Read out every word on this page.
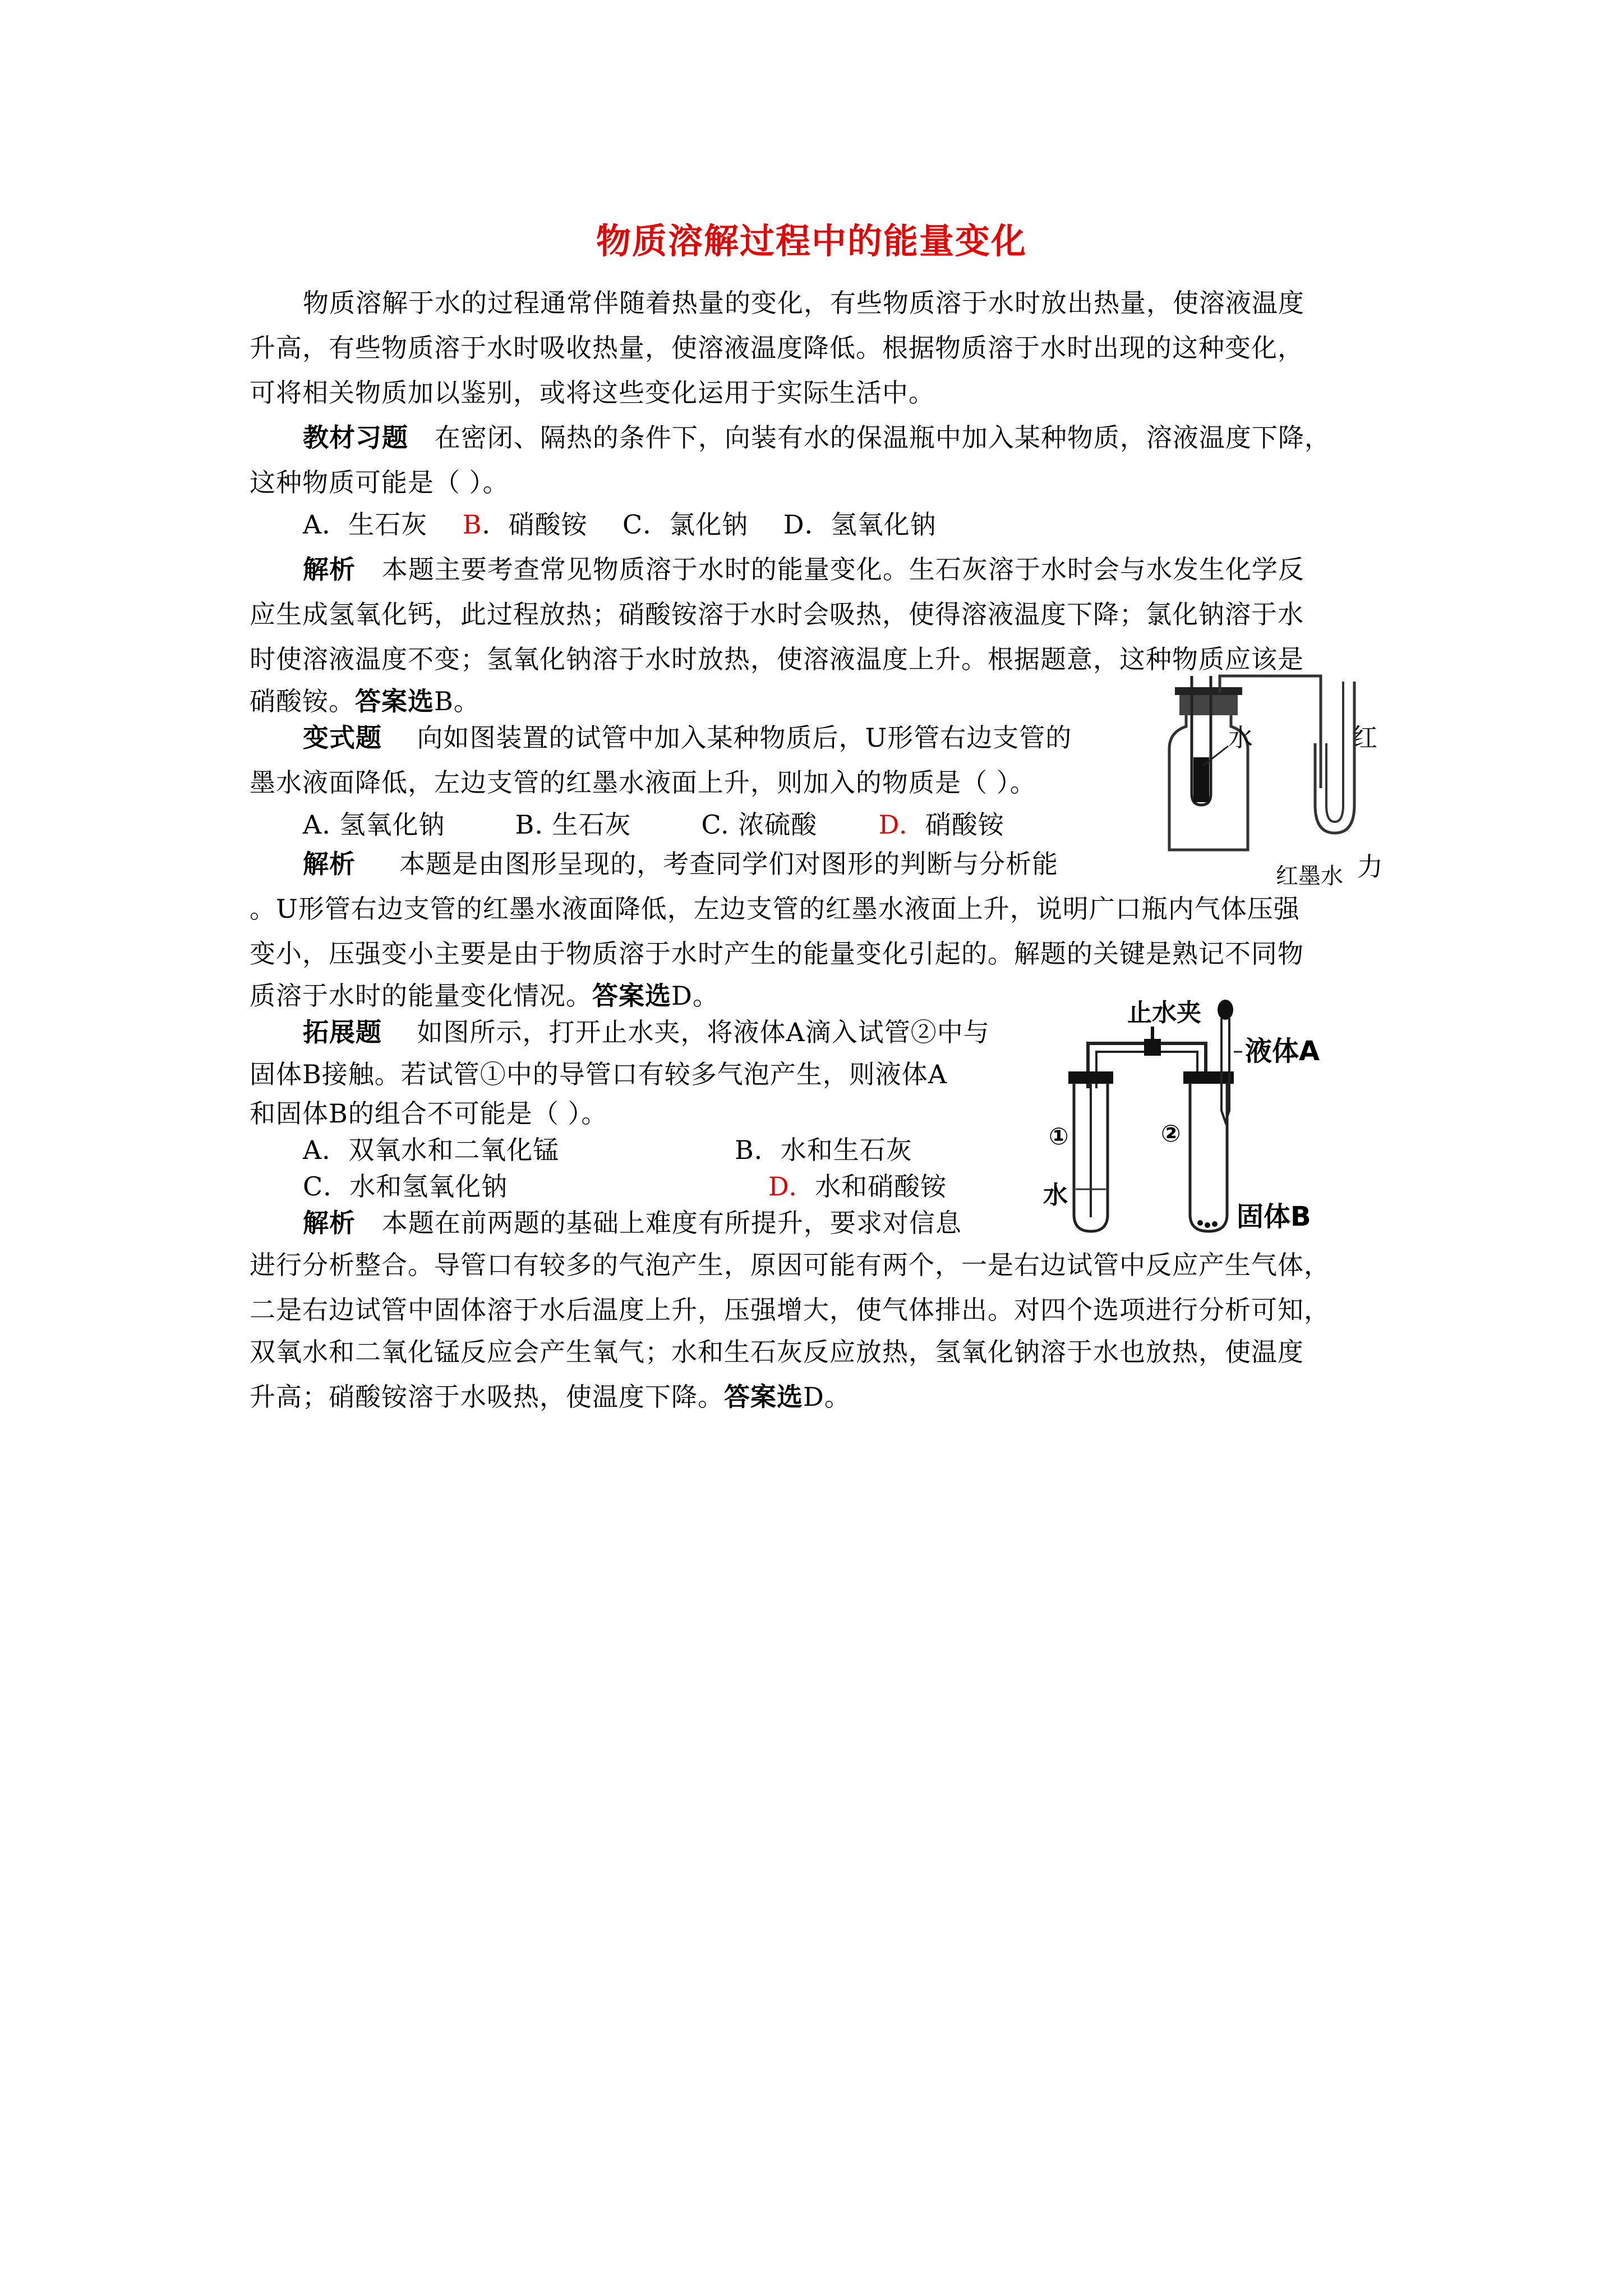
物质溶解过程中的能量变化
物质溶解于水的过程通常伴随着热量的变化，有些物质溶于水时放出热量，使溶液温度
升高，有些物质溶于水时吸收热量，使溶液温度降低。根据物质溶于水时出现的这种变化，
可将相关物质加以鉴别，或将这些变化运用于实际生活中。
教材习题 在密闭、隔热的条件下，向装有水的保温瓶中加入某种物质，溶液温度下降，
这种物质可能是（ ）。
A．生石灰 B．硝酸铵 C．氯化钠 D．氢氧化钠
解析 本题主要考查常见物质溶于水时的能量变化。生石灰溶于水时会与水发生化学反
应生成氢氧化钙，此过程放热；硝酸铵溶于水时会吸热，使得溶液温度下降；氯化钠溶于水
时使溶液温度不变；氢氧化钠溶于水时放热，使溶液温度上升。根据题意，这种物质应该是
硝酸铵。答案选B。
变式题 向如图装置的试管中加入某种物质后，U形管右边支管的	红
墨水液面降低，左边支管的红墨水液面上升，则加入的物质是（ ）。
A. 氢氧化钠	B. 生石灰	C. 浓硫酸 D. 硝酸铵
解析 本题是由图形呈现的，考查同学们对图形的判断与分析能	力
。U形管右边支管的红墨水液面降低，左边支管的红墨水液面上升，说明广口瓶内气体压强
变小，压强变小主要是由于物质溶于水时产生的能量变化引起的。解题的关键是熟记不同物
质溶于水时的能量变化情况。答案选D。
水
红墨水
拓展题 如图所示，打开止水夹，将液体A滴入试管②中与
固体B接触。若试管①中的导管口有较多气泡产生，则液体A
和固体B的组合不可能是（ ）。
A．双氧水和二氧化锰	B．水和生石灰
C．水和氢氧化钠	D. 水和硝酸铵
解析 本题在前两题的基础上难度有所提升，要求对信息
进行分析整合。导管口有较多的气泡产生，原因可能有两个，一是右边试管中反应产生气体，
二是右边试管中固体溶于水后温度上升，压强增大，使气体排出。对四个选项进行分析可知，
双氧水和二氧化锰反应会产生氧气；水和生石灰反应放热，氢氧化钠溶于水也放热，使温度
升高；硝酸铵溶于水吸热，使温度下降。答案选D。
止水夹
①
水
液体A
②
固体B
